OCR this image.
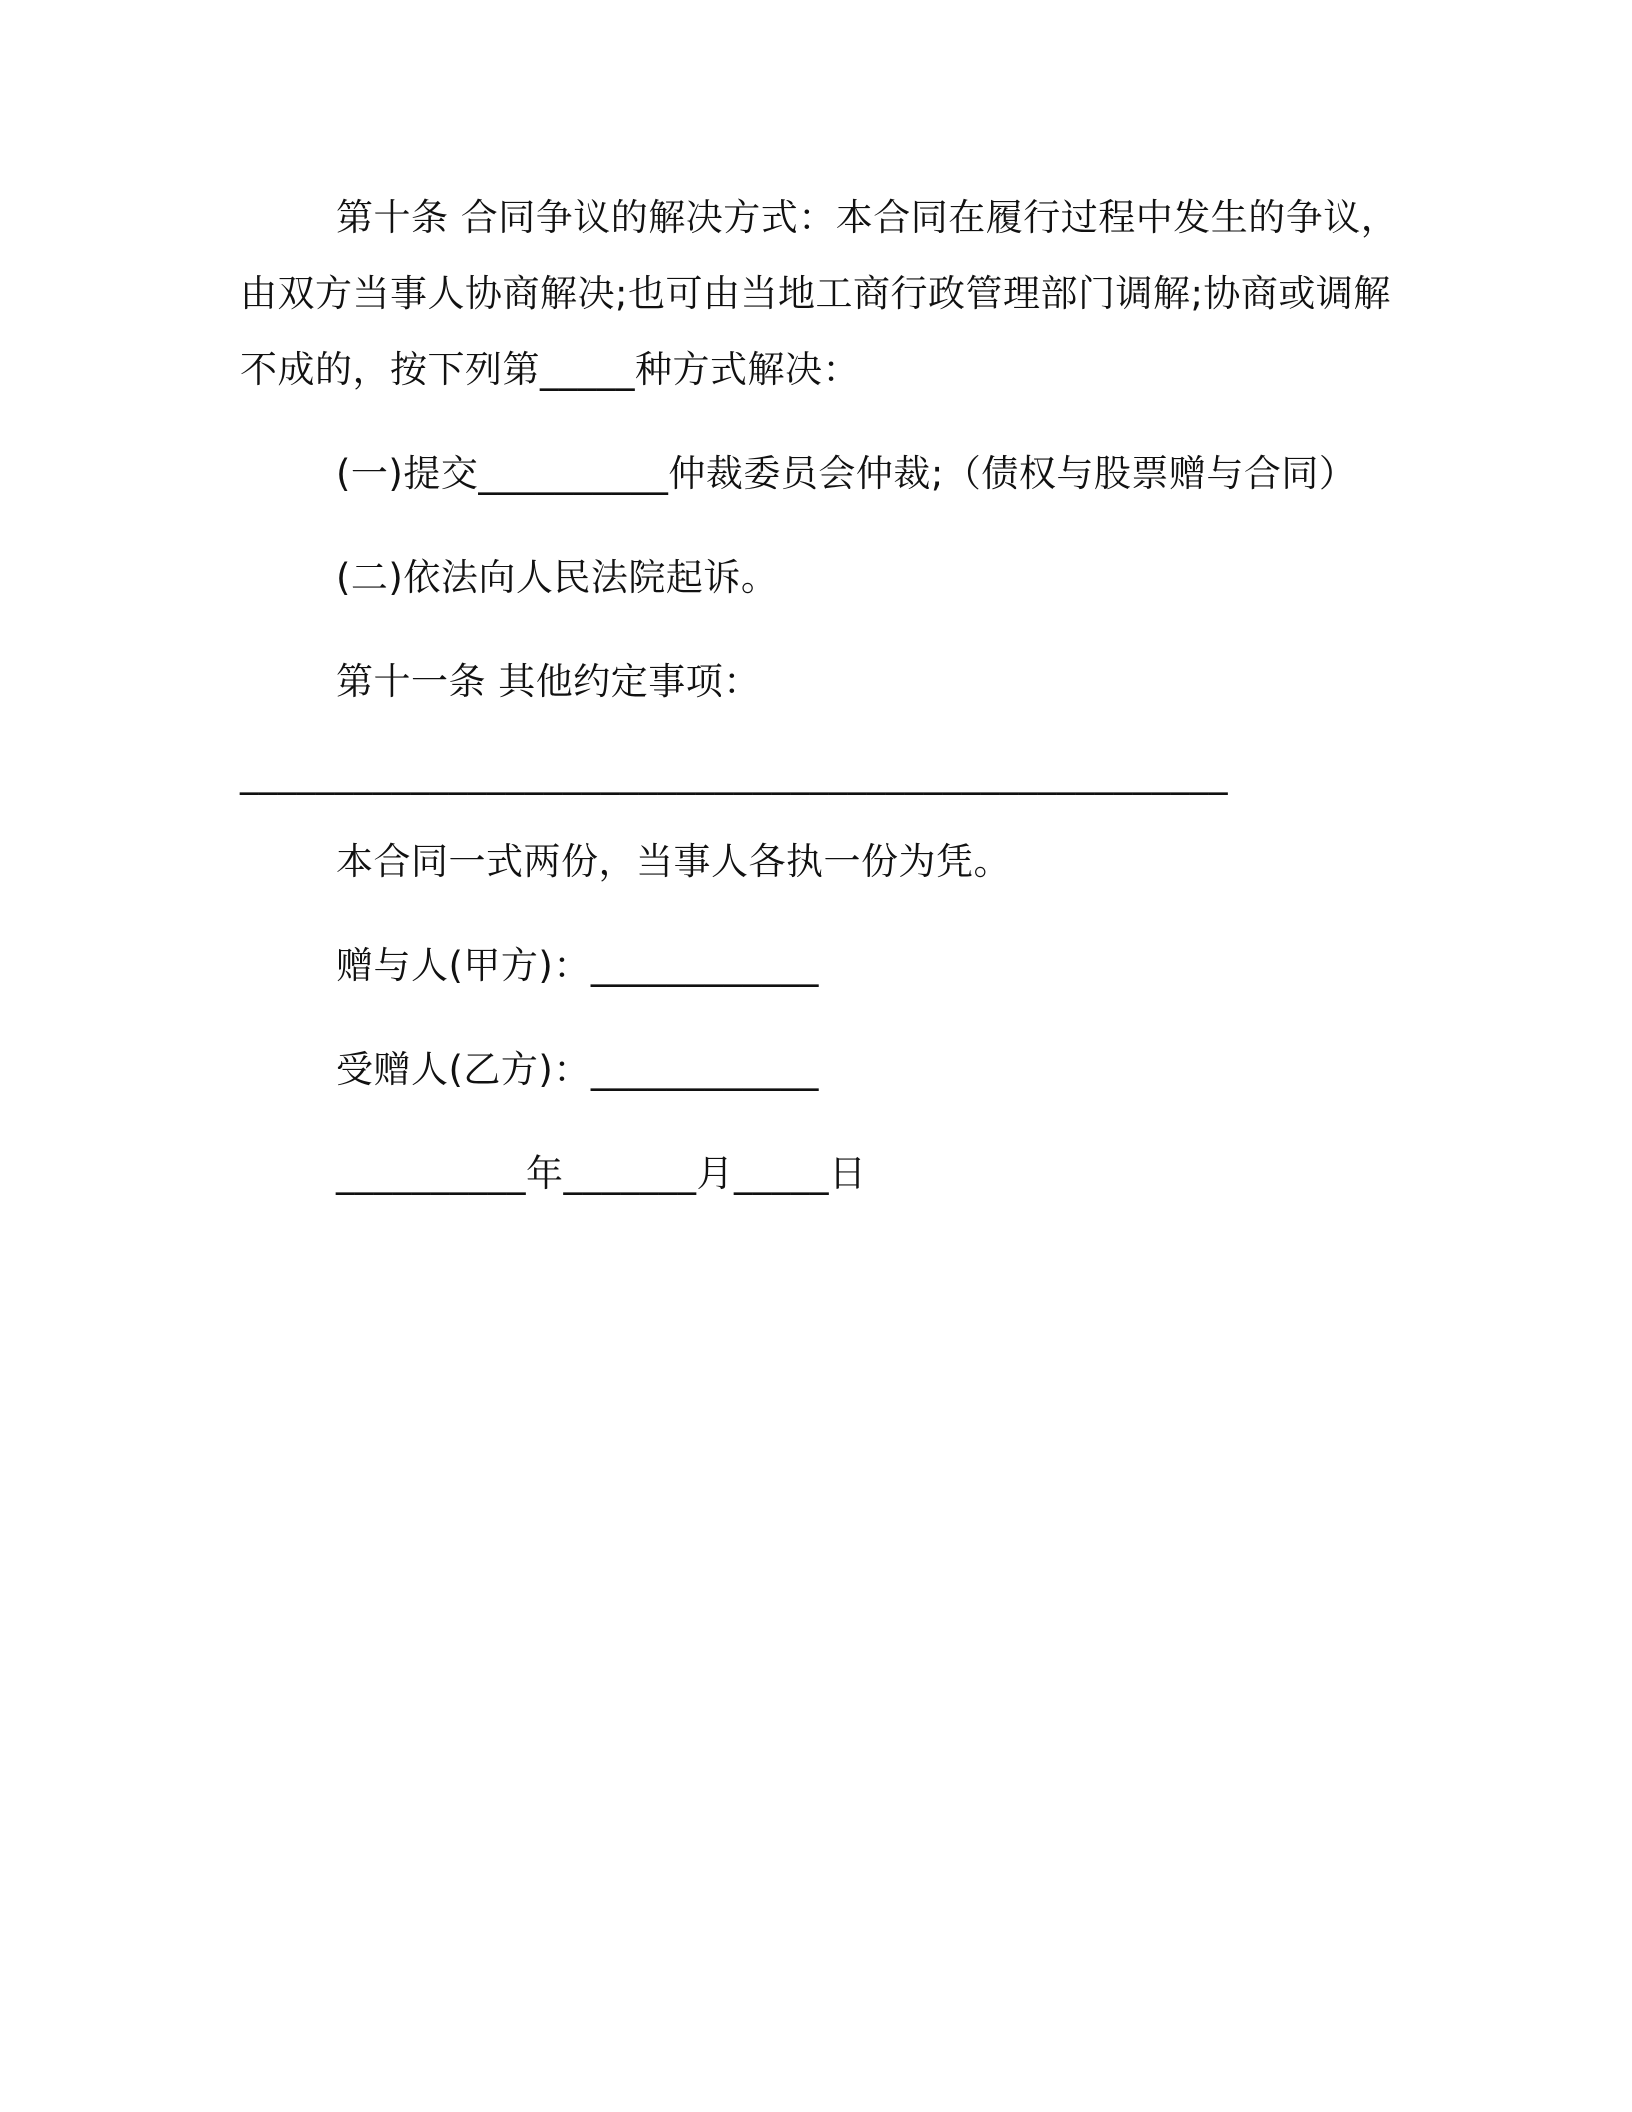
第十条 合同争议的解决方式：本合同在履行过程中发生的争议，
由双方当事人协商解决;也可由当地工商行政管理部门调解;协商或调解
不成的，按下列第_____种方式解决：
(一)提交__________仲裁委员会仲裁;（债权与股票赠与合同）
(二)依法向人民法院起诉。
第十一条 其他约定事项：
____________________________________________________
本合同一式两份，当事人各执一份为凭。
赠与人(甲方)：____________
受赠人(乙方)：____________
__________年_______月_____日
